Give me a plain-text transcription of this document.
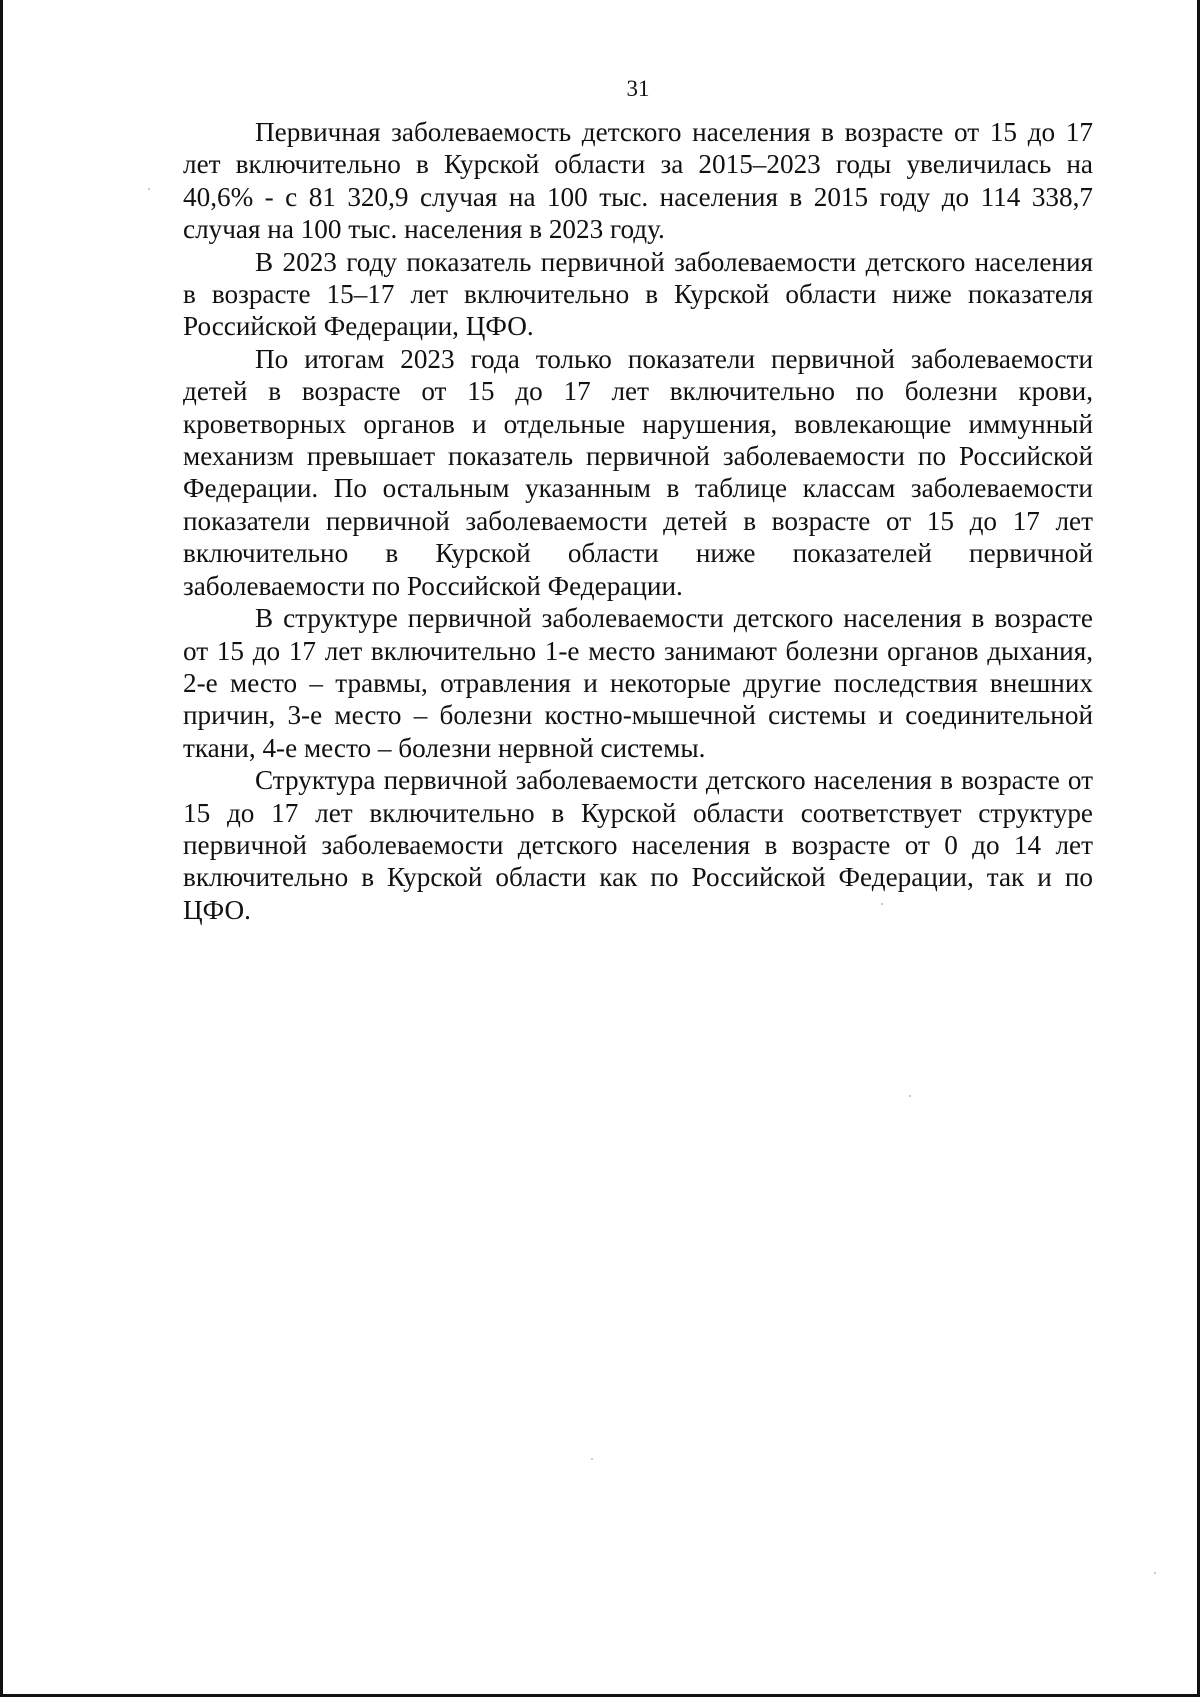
31

Первичная заболеваемость детского населения в возрасте от 15 до 17 лет включительно в Курской области за 2015–2023 годы увеличилась на 40,6% - с 81 320,9 случая на 100 тыс. населения в 2015 году до 114 338,7 случая на 100 тыс. населения в 2023 году.

В 2023 году показатель первичной заболеваемости детского населения в возрасте 15–17 лет включительно в Курской области ниже показателя Российской Федерации, ЦФО.

По итогам 2023 года только показатели первичной заболеваемости детей в возрасте от 15 до 17 лет включительно по болезни крови, кроветворных органов и отдельные нарушения, вовлекающие иммунный механизм превышает показатель первичной заболеваемости по Российской Федерации. По остальным указанным в таблице классам заболеваемости показатели первичной заболеваемости детей в возрасте от 15 до 17 лет включительно в Курской области ниже показателей первичной заболеваемости по Российской Федерации.

В структуре первичной заболеваемости детского населения в возрасте от 15 до 17 лет включительно 1-е место занимают болезни органов дыхания, 2-е место – травмы, отравления и некоторые другие последствия внешних причин, 3-е место – болезни костно-мышечной системы и соединительной ткани, 4-е место – болезни нервной системы.

Структура первичной заболеваемости детского населения в возрасте от 15 до 17 лет включительно в Курской области соответствует структуре первичной заболеваемости детского населения в возрасте от 0 до 14 лет включительно в Курской области как по Российской Федерации, так и по ЦФО.
